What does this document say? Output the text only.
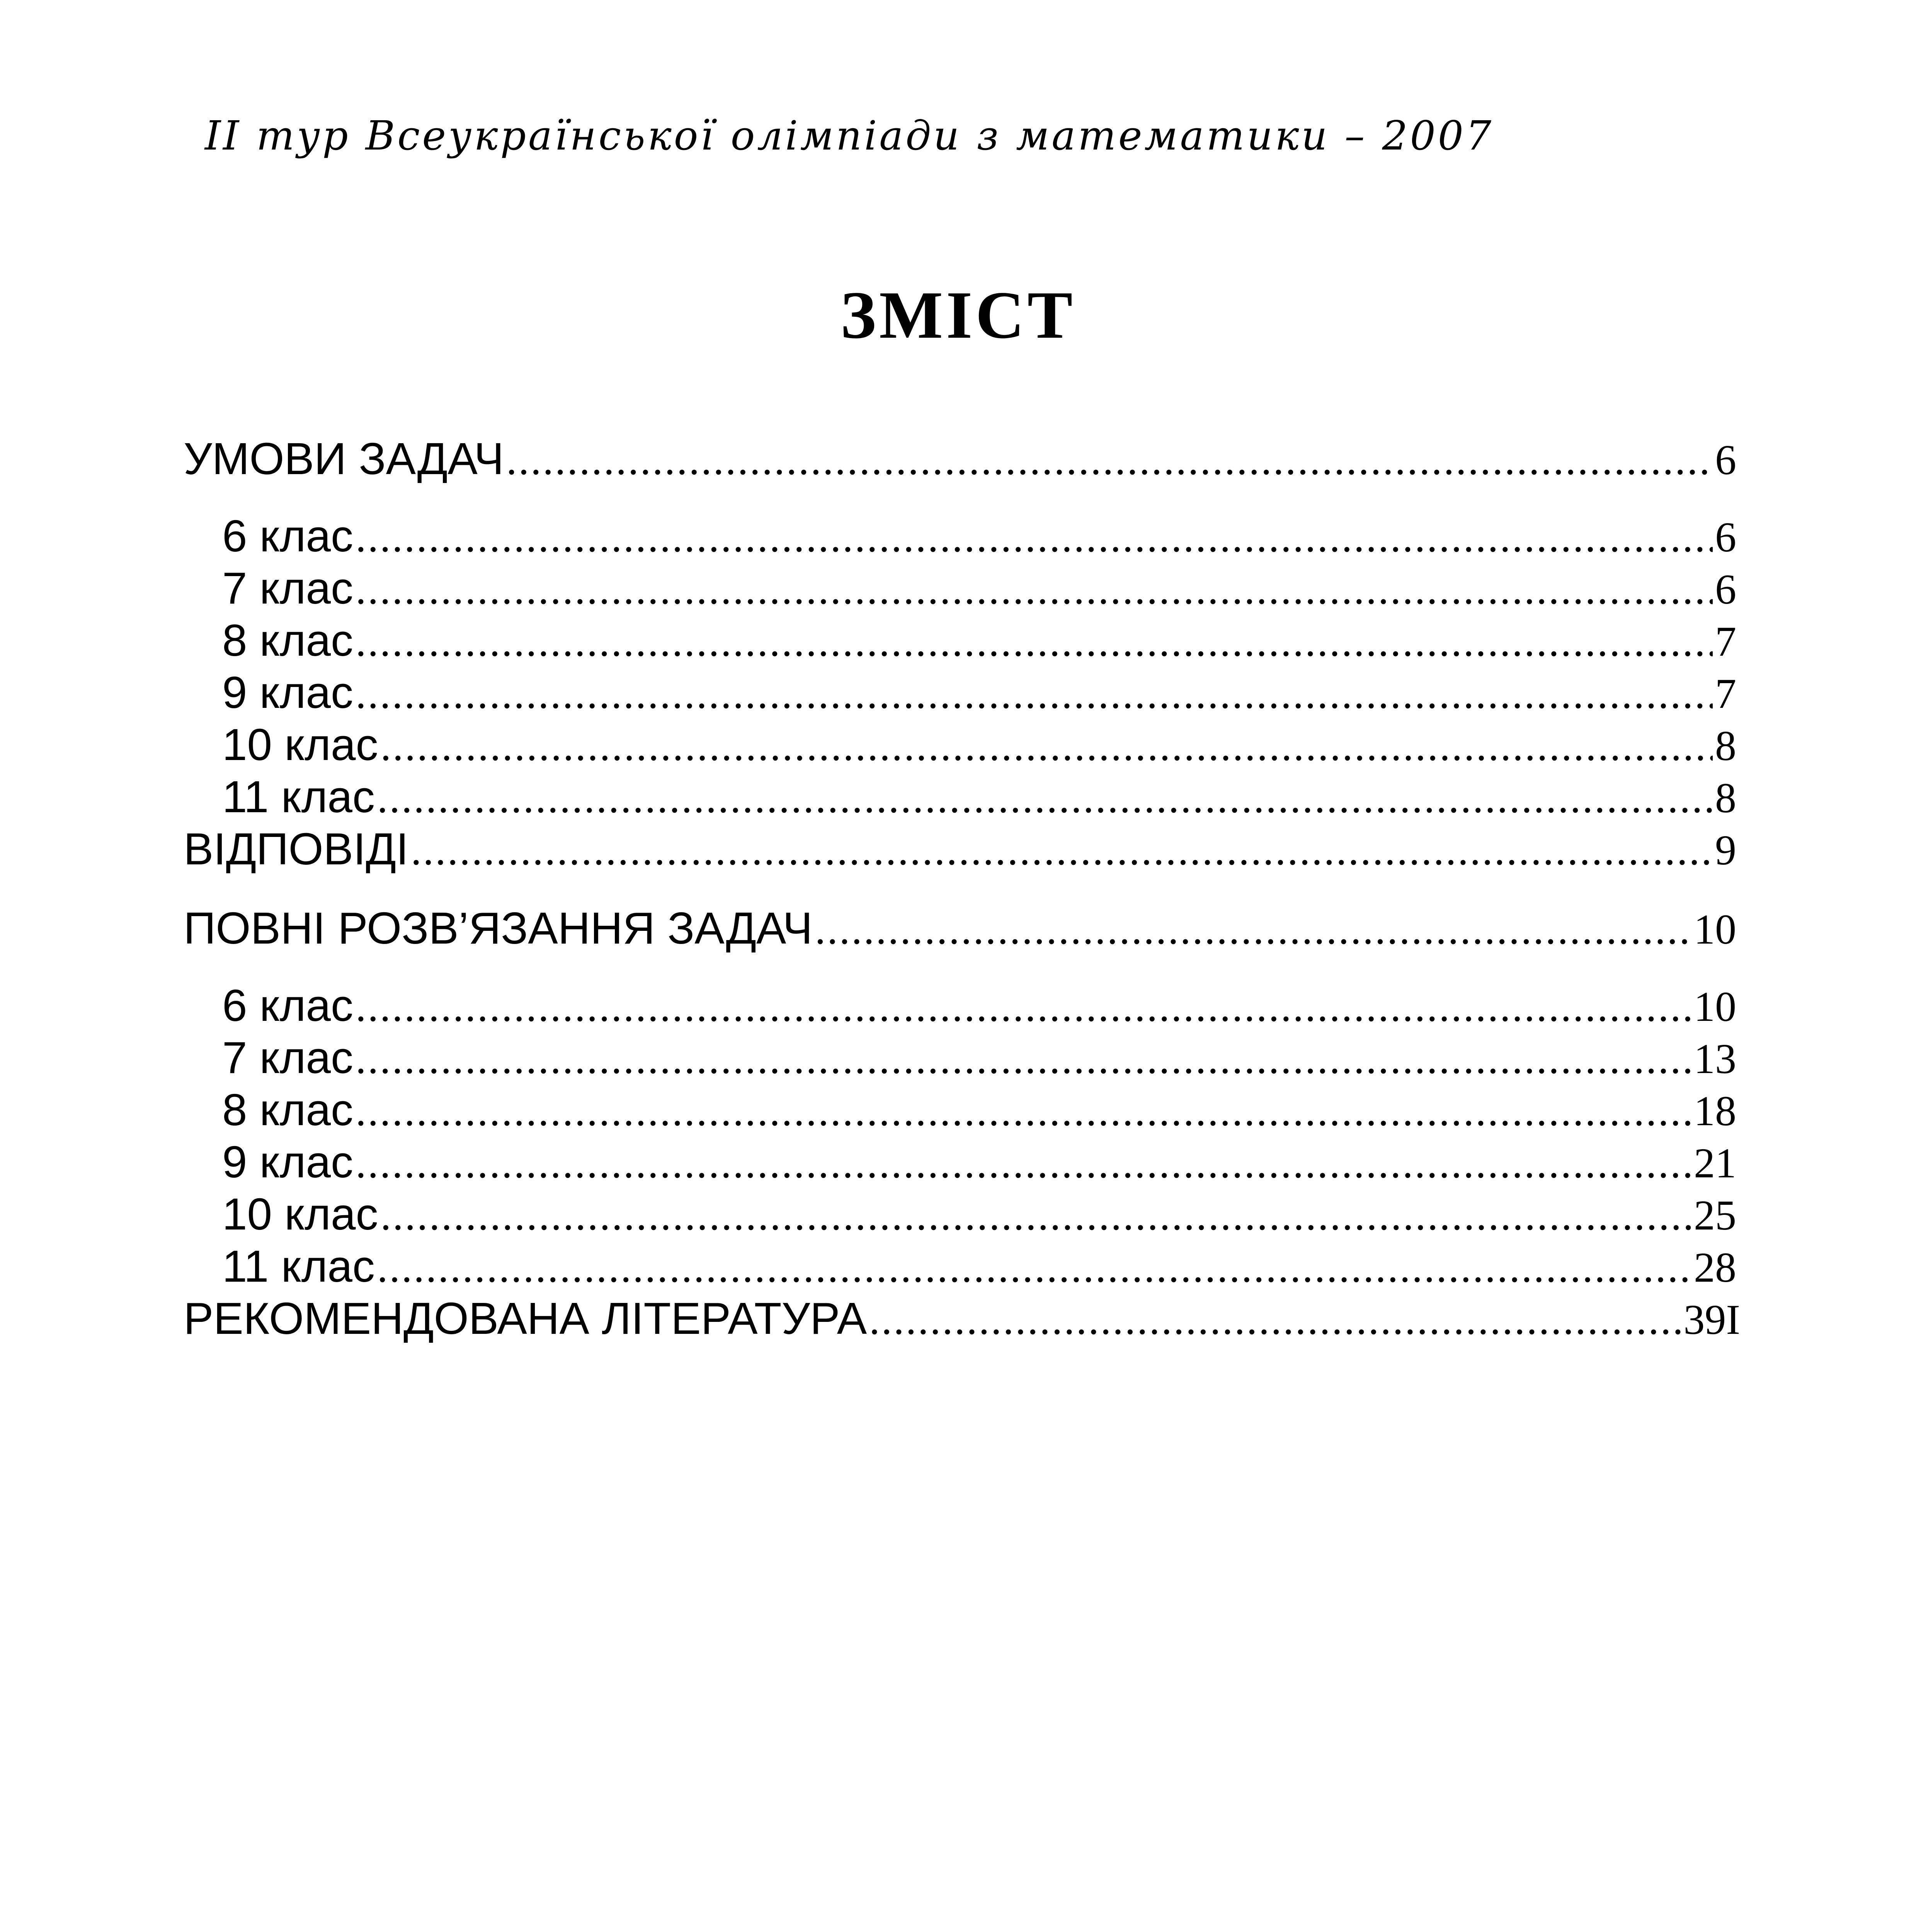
ІІ тур Всеукраїнської олімпіади з математики – 2007
ЗМІСТ
УМОВИ ЗАДАЧ .....	6
6 клас .....	6
7 клас .....	6
8 клас .....	7
9 клас .....	7
10 клас .....	8
11 клас .....	8
ВІДПОВІДІ .....	9
ПОВНІ РОЗВ’ЯЗАННЯ ЗАДАЧ .....	10
6 клас .....	10
7 клас .....	13
8 клас .....	18
9 клас .....	21
10 клас .....	25
11 клас .....	28
РЕКОМЕНДОВАНА ЛІТЕРАТУРА .....	39I
